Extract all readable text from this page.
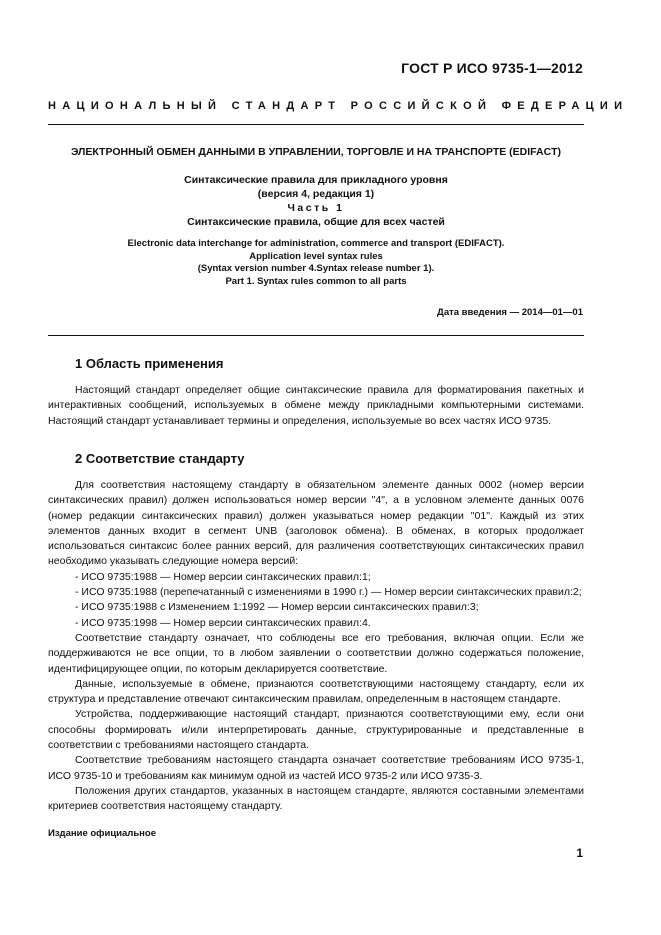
ГОСТ Р ИСО 9735-1—2012
НАЦИОНАЛЬНЫЙ СТАНДАРТ РОССИЙСКОЙ ФЕДЕРАЦИИ
ЭЛЕКТРОННЫЙ ОБМЕН ДАННЫМИ В УПРАВЛЕНИИ, ТОРГОВЛЕ И НА ТРАНСПОРТЕ (EDIFACT)
Синтаксические правила для прикладного уровня
(версия 4, редакция 1)
Часть 1
Синтаксические правила, общие для всех частей
Electronic data interchange for administration, commerce and transport (EDIFACT).
Application level syntax rules
(Syntax version number 4.Syntax release number 1).
Part 1. Syntax rules common to all parts
Дата введения — 2014—01—01
1 Область применения

Настоящий стандарт определяет общие синтаксические правила для форматирования пакетных и интерактивных сообщений, используемых в обмене между прикладными компьютерными системами. Настоящий стандарт устанавливает термины и определения, используемые во всех частях ИСО 9735.

2 Соответствие стандарту

Для соответствия настоящему стандарту в обязательном элементе данных 0002 (номер версии синтаксических правил) должен использоваться номер версии "4", а в условном элементе данных 0076 (номер редакции синтаксических правил) должен указываться номер редакции "01". Каждый из этих элементов данных входит в сегмент UNB (заголовок обмена). В обменах, в которых продолжает использоваться синтаксис более ранних версий, для различения соответствующих синтаксических правил необходимо указывать следующие номера версий:

- ИСО 9735:1988 — Номер версии синтаксических правил:1;

- ИСО 9735:1988 (перепечатанный с изменениями в 1990 г.) — Номер версии синтаксических правил:2;

- ИСО 9735:1988 с Изменением 1:1992 — Номер версии синтаксических правил:3;

- ИСО 9735:1998 — Номер версии синтаксических правил:4.

Соответствие стандарту означает, что соблюдены все его требования, включая опции. Если же поддерживаются не все опции, то в любом заявлении о соответствии должно содержаться положение, идентифицирующее опции, по которым декларируется соответствие.

Данные, используемые в обмене, признаются соответствующими настоящему стандарту, если их структура и представление отвечают синтаксическим правилам, определенным в настоящем стандарте.

Устройства, поддерживающие настоящий стандарт, признаются соответствующими ему, если они способны формировать и/или интерпретировать данные, структурированные и представленные в соответствии с требованиями настоящего стандарта.

Соответствие требованиям настоящего стандарта означает соответствие требованиям ИСО 9735-1, ИСО 9735-10 и требованиям как минимум одной из частей ИСО 9735-2 или ИСО 9735-3.

Положения других стандартов, указанных в настоящем стандарте, являются составными элементами критериев соответствия настоящему стандарту.

Издание официальное
1
